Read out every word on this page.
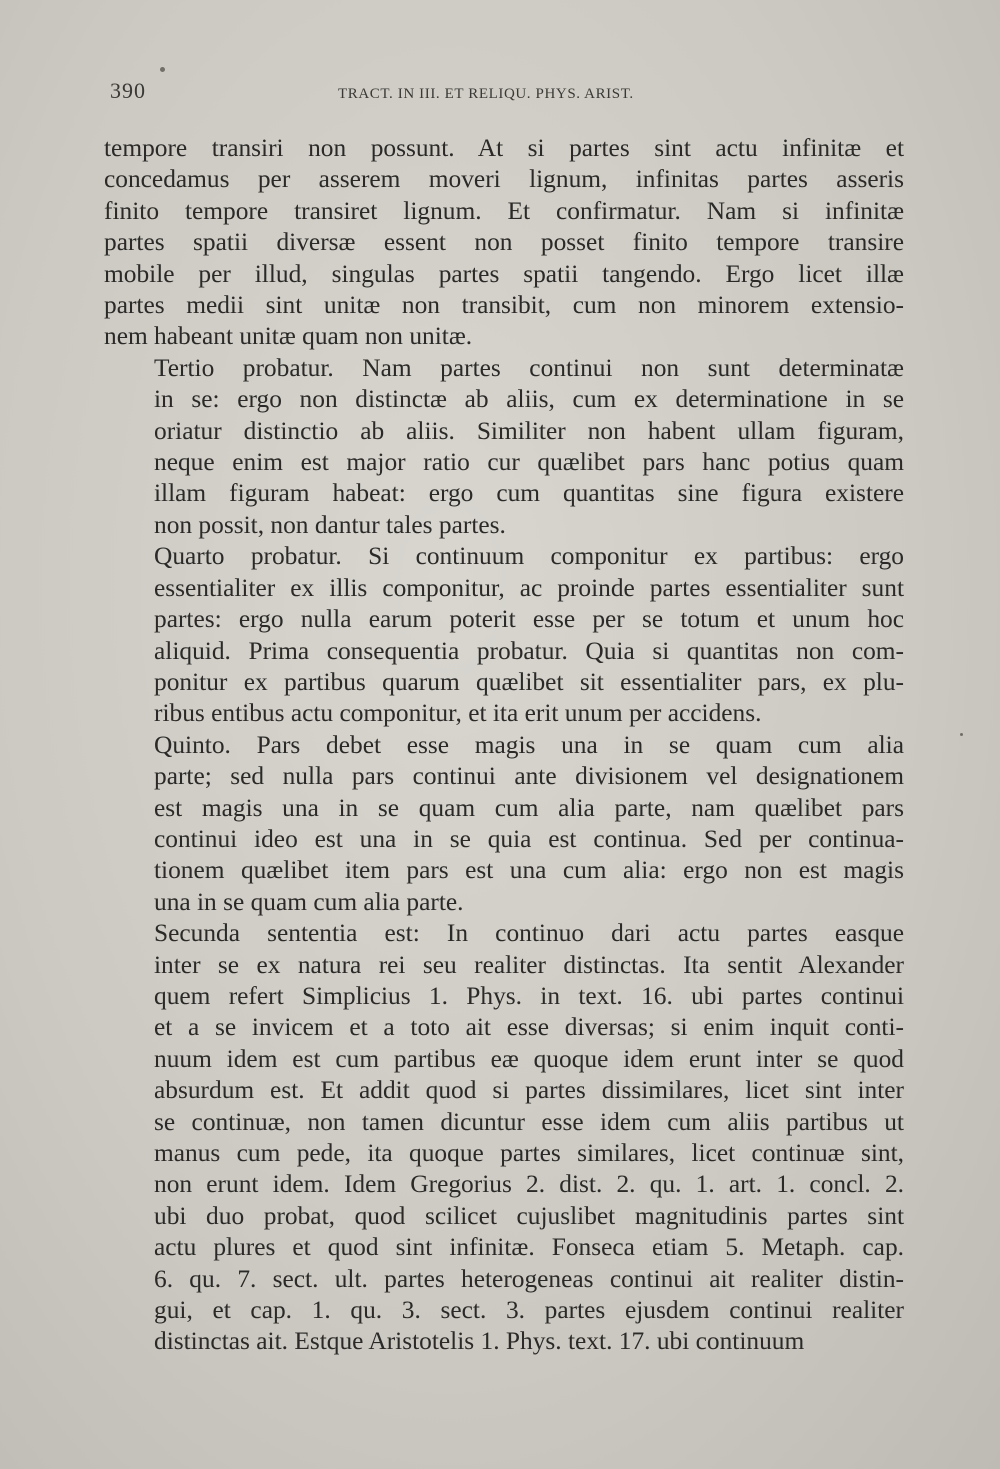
390	TRACT. IN III. ET RELIQU. PHYS. ARIST.

tempore transiri non possunt. At si partes sint actu infinitæ et
concedamus per asserem moveri lignum, infinitas partes asseris
finito tempore transiret lignum. Et confirmatur. Nam si infinitæ
partes spatii diversæ essent non posset finito tempore transire
mobile per illud, singulas partes spatii tangendo. Ergo licet illæ
partes medii sint unitæ non transibit, cum non minorem extensio-
nem habeant unitæ quam non unitæ.

Tertio probatur. Nam partes continui non sunt determinatæ
in se: ergo non distinctæ ab aliis, cum ex determinatione in se
oriatur distinctio ab aliis. Similiter non habent ullam figuram,
neque enim est major ratio cur quælibet pars hanc potius quam
illam figuram habeat: ergo cum quantitas sine figura existere
non possit, non dantur tales partes.

Quarto probatur. Si continuum componitur ex partibus: ergo
essentialiter ex illis componitur, ac proinde partes essentialiter sunt
partes: ergo nulla earum poterit esse per se totum et unum hoc
aliquid. Prima consequentia probatur. Quia si quantitas non com-
ponitur ex partibus quarum quælibet sit essentialiter pars, ex plu-
ribus entibus actu componitur, et ita erit unum per accidens.

Quinto. Pars debet esse magis una in se quam cum alia
parte; sed nulla pars continui ante divisionem vel designationem
est magis una in se quam cum alia parte, nam quælibet pars
continui ideo est una in se quia est continua. Sed per continua-
tionem quælibet item pars est una cum alia: ergo non est magis
una in se quam cum alia parte.

Secunda sententia est: In continuo dari actu partes easque
inter se ex natura rei seu realiter distinctas. Ita sentit Alexander
quem refert Simplicius 1. Phys. in text. 16. ubi partes continui
et a se invicem et a toto ait esse diversas; si enim inquit conti-
nuum idem est cum partibus eæ quoque idem erunt inter se quod
absurdum est. Et addit quod si partes dissimilares, licet sint inter
se continuæ, non tamen dicuntur esse idem cum aliis partibus ut
manus cum pede, ita quoque partes similares, licet continuæ sint,
non erunt idem. Idem Gregorius 2. dist. 2. qu. 1. art. 1. concl. 2.
ubi duo probat, quod scilicet cujuslibet magnitudinis partes sint
actu plures et quod sint infinitæ. Fonseca etiam 5. Metaph. cap.
6. qu. 7. sect. ult. partes heterogeneas continui ait realiter distin-
gui, et cap. 1. qu. 3. sect. 3. partes ejusdem continui realiter
distinctas ait. Estque Aristotelis 1. Phys. text. 17. ubi continuum
